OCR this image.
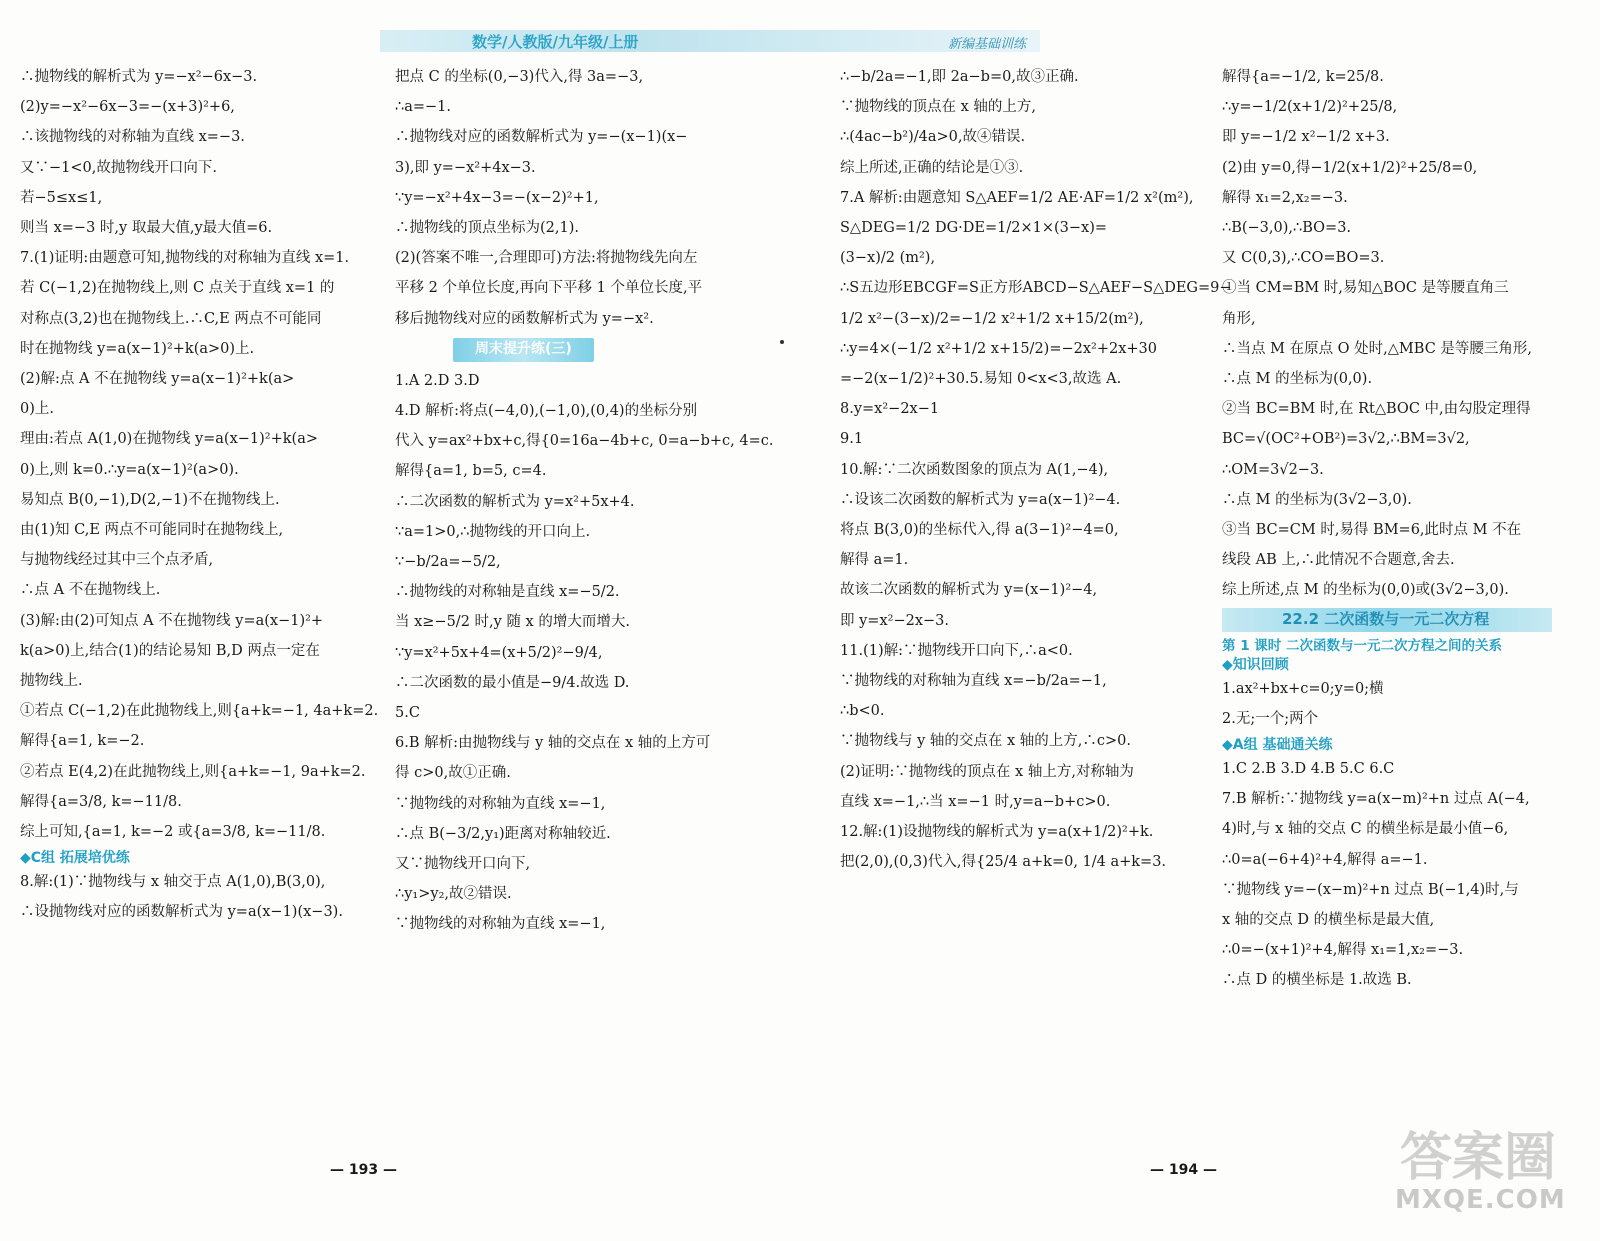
数学/人教版/九年级/上册	新编基础训练
∴抛物线的解析式为 y=−x²−6x−3.
(2)y=−x²−6x−3=−(x+3)²+6,
∴该抛物线的对称轴为直线 x=−3.
又∵−1<0,故抛物线开口向下.
若−5≤x≤1,
则当 x=−3 时,y 取最大值,y最大值=6.
7.(1)证明:由题意可知,抛物线的对称轴为直线 x=1.
若 C(−1,2)在抛物线上,则 C 点关于直线 x=1 的
对称点(3,2)也在抛物线上.∴C,E 两点不可能同
时在抛物线 y=a(x−1)²+k(a>0)上.
(2)解:点 A 不在抛物线 y=a(x−1)²+k(a>
0)上.
理由:若点 A(1,0)在抛物线 y=a(x−1)²+k(a>
0)上,则 k=0.∴y=a(x−1)²(a>0).
易知点 B(0,−1),D(2,−1)不在抛物线上.
由(1)知 C,E 两点不可能同时在抛物线上,
与抛物线经过其中三个点矛盾,
∴点 A 不在抛物线上.
(3)解:由(2)可知点 A 不在抛物线 y=a(x−1)²+
k(a>0)上,结合(1)的结论易知 B,D 两点一定在
抛物线上.
①若点 C(−1,2)在此抛物线上,则{a+k=−1, 4a+k=2.
解得{a=1, k=−2.
②若点 E(4,2)在此抛物线上,则{a+k=−1, 9a+k=2.
解得{a=3/8, k=−11/8.
综上可知,{a=1, k=−2 或{a=3/8, k=−11/8.
◆C组 拓展培优练
8.解:(1)∵抛物线与 x 轴交于点 A(1,0),B(3,0),
∴设抛物线对应的函数解析式为 y=a(x−1)(x−3).
把点 C 的坐标(0,−3)代入,得 3a=−3,
∴a=−1.
∴抛物线对应的函数解析式为 y=−(x−1)(x−
3),即 y=−x²+4x−3.
∵y=−x²+4x−3=−(x−2)²+1,
∴抛物线的顶点坐标为(2,1).
(2)(答案不唯一,合理即可)方法:将抛物线先向左
平移 2 个单位长度,再向下平移 1 个单位长度,平
移后抛物线对应的函数解析式为 y=−x².
周末提升练(三)
1.A 2.D 3.D
4.D 解析:将点(−4,0),(−1,0),(0,4)的坐标分别
代入 y=ax²+bx+c,得{0=16a−4b+c, 0=a−b+c, 4=c.
解得{a=1, b=5, c=4.
∴二次函数的解析式为 y=x²+5x+4.
∵a=1>0,∴抛物线的开口向上.
∵−b/2a=−5/2,
∴抛物线的对称轴是直线 x=−5/2.
当 x≥−5/2 时,y 随 x 的增大而增大.
∵y=x²+5x+4=(x+5/2)²−9/4,
∴二次函数的最小值是−9/4.故选 D.
5.C
6.B 解析:由抛物线与 y 轴的交点在 x 轴的上方可
得 c>0,故①正确.
∵抛物线的对称轴为直线 x=−1,
∴点 B(−3/2,y₁)距离对称轴较近.
又∵抛物线开口向下,
∴y₁>y₂,故②错误.
∵抛物线的对称轴为直线 x=−1,
∴−b/2a=−1,即 2a−b=0,故③正确.
∵抛物线的顶点在 x 轴的上方,
∴(4ac−b²)/4a>0,故④错误.
综上所述,正确的结论是①③.
7.A 解析:由题意知 S△AEF=1/2 AE·AF=1/2 x²(m²),
S△DEG=1/2 DG·DE=1/2×1×(3−x)=
(3−x)/2 (m²),
∴S五边形EBCGF=S正方形ABCD−S△AEF−S△DEG=9−
1/2 x²−(3−x)/2=−1/2 x²+1/2 x+15/2(m²),
∴y=4×(−1/2 x²+1/2 x+15/2)=−2x²+2x+30
=−2(x−1/2)²+30.5.易知 0<x<3,故选 A.
8.y=x²−2x−1
9.1
10.解:∵二次函数图象的顶点为 A(1,−4),
∴设该二次函数的解析式为 y=a(x−1)²−4.
将点 B(3,0)的坐标代入,得 a(3−1)²−4=0,
解得 a=1.
故该二次函数的解析式为 y=(x−1)²−4,
即 y=x²−2x−3.
11.(1)解:∵抛物线开口向下,∴a<0.
∵抛物线的对称轴为直线 x=−b/2a=−1,
∴b<0.
∵抛物线与 y 轴的交点在 x 轴的上方,∴c>0.
(2)证明:∵抛物线的顶点在 x 轴上方,对称轴为
直线 x=−1,∴当 x=−1 时,y=a−b+c>0.
12.解:(1)设抛物线的解析式为 y=a(x+1/2)²+k.
把(2,0),(0,3)代入,得{25/4 a+k=0, 1/4 a+k=3.
解得{a=−1/2, k=25/8.
∴y=−1/2(x+1/2)²+25/8,
即 y=−1/2 x²−1/2 x+3.
(2)由 y=0,得−1/2(x+1/2)²+25/8=0,
解得 x₁=2,x₂=−3.
∴B(−3,0),∴BO=3.
又 C(0,3),∴CO=BO=3.
①当 CM=BM 时,易知△BOC 是等腰直角三
角形,
∴当点 M 在原点 O 处时,△MBC 是等腰三角形,
∴点 M 的坐标为(0,0).
②当 BC=BM 时,在 Rt△BOC 中,由勾股定理得
BC=√(OC²+OB²)=3√2,∴BM=3√2,
∴OM=3√2−3.
∴点 M 的坐标为(3√2−3,0).
③当 BC=CM 时,易得 BM=6,此时点 M 不在
线段 AB 上,∴此情况不合题意,舍去.
综上所述,点 M 的坐标为(0,0)或(3√2−3,0).
22.2 二次函数与一元二次方程
第 1 课时 二次函数与一元二次方程之间的关系
◆知识回顾
1.ax²+bx+c=0;y=0;横
2.无;一个;两个
◆A组 基础通关练
1.C 2.B 3.D 4.B 5.C 6.C
7.B 解析:∵抛物线 y=a(x−m)²+n 过点 A(−4,
4)时,与 x 轴的交点 C 的横坐标是最小值−6,
∴0=a(−6+4)²+4,解得 a=−1.
∵抛物线 y=−(x−m)²+n 过点 B(−1,4)时,与
x 轴的交点 D 的横坐标是最大值,
∴0=−(x+1)²+4,解得 x₁=1,x₂=−3.
∴点 D 的横坐标是 1.故选 B.
— 193 —	— 194 —	答案圈
MXQE.COM
